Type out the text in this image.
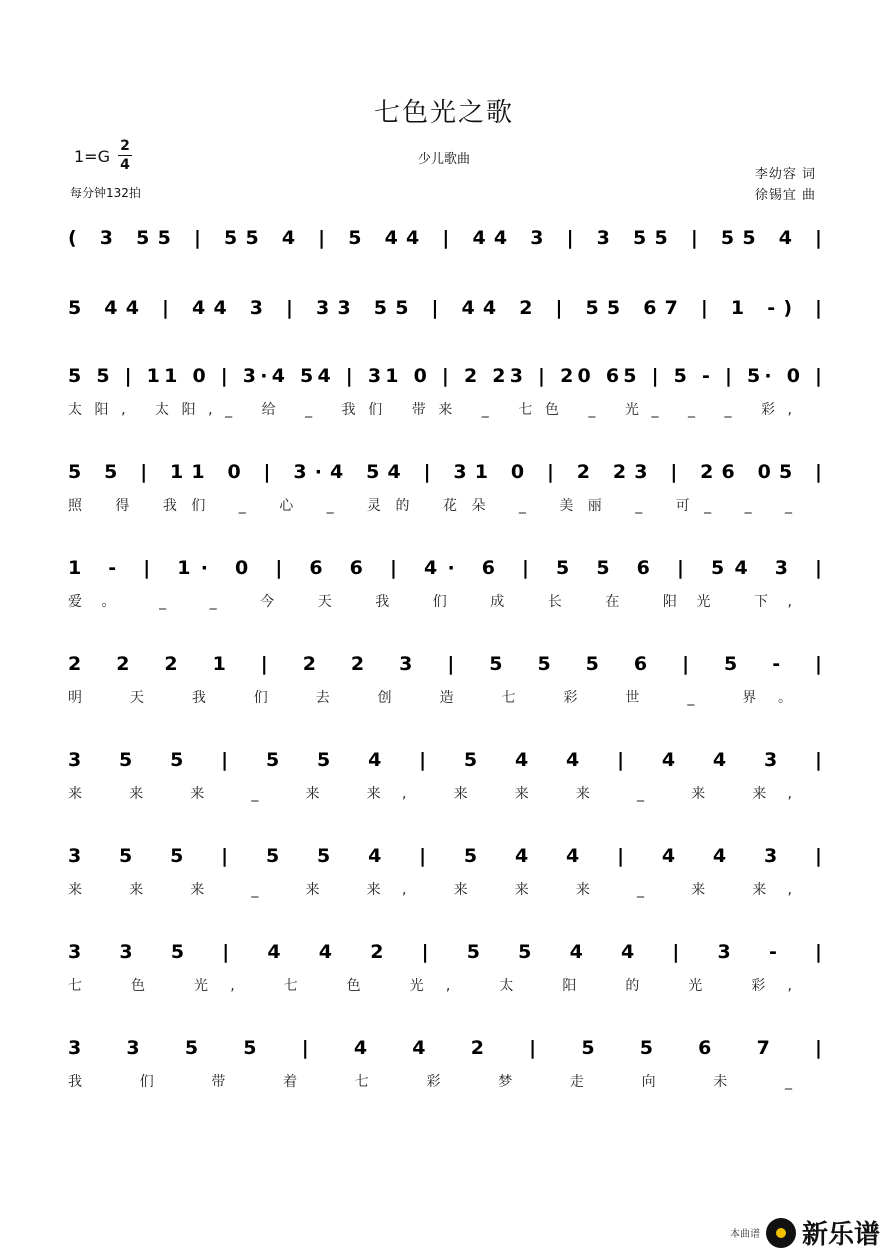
七色光之歌
少儿歌曲
1=G
2
4
每分钟132拍
李幼容 词
徐锡宜 曲
( 3 55 | 55 4 | 5 44 | 44 3 | 3 55 | 55 4 |
5 44 | 44 3 | 33 55 | 44 2 | 55 67 | 1 -) |
5 5 | 11 0 | 3·4 54 | 31 0 | 2 23 | 20 65 | 5 - | 5· 0 |
太阳, 太阳,_ 给 _ 我们 带来 _ 七色 _ 光_ _ _ 彩,
5 5 | 11 0 | 3·4 54 | 31 0 | 2 23 | 26 05 |
照 得 我们 _ 心 _ 灵的 花朵 _ 美丽 _ 可_ _ _
1 - | 1· 0 | 6 6 | 4· 6 | 5 5 6 | 54 3 |
爱。 _ _ 今 天 我 们 成 长 在 阳光 下,
2 2 2 1 | 2 2 3 | 5 5 5 6 | 5 - |
明 天 我 们 去 创 造 七 彩 世 _ 界。
3 5 5 | 5 5 4 | 5 4 4 | 4 4 3 |
来 来 来 _ 来 来, 来 来 来 _ 来 来,
3 5 5 | 5 5 4 | 5 4 4 | 4 4 3 |
来 来 来 _ 来 来, 来 来 来 _ 来 来,
3 3 5 | 4 4 2 | 5 5 4 4 | 3 - |
七 色 光, 七 色 光, 太 阳 的 光 彩,
3 3 5 5 | 4 4 2 | 5 5 6 7 |
我 们 带 着 七 彩 梦 走 向 未 _
本曲谱 新乐谱
